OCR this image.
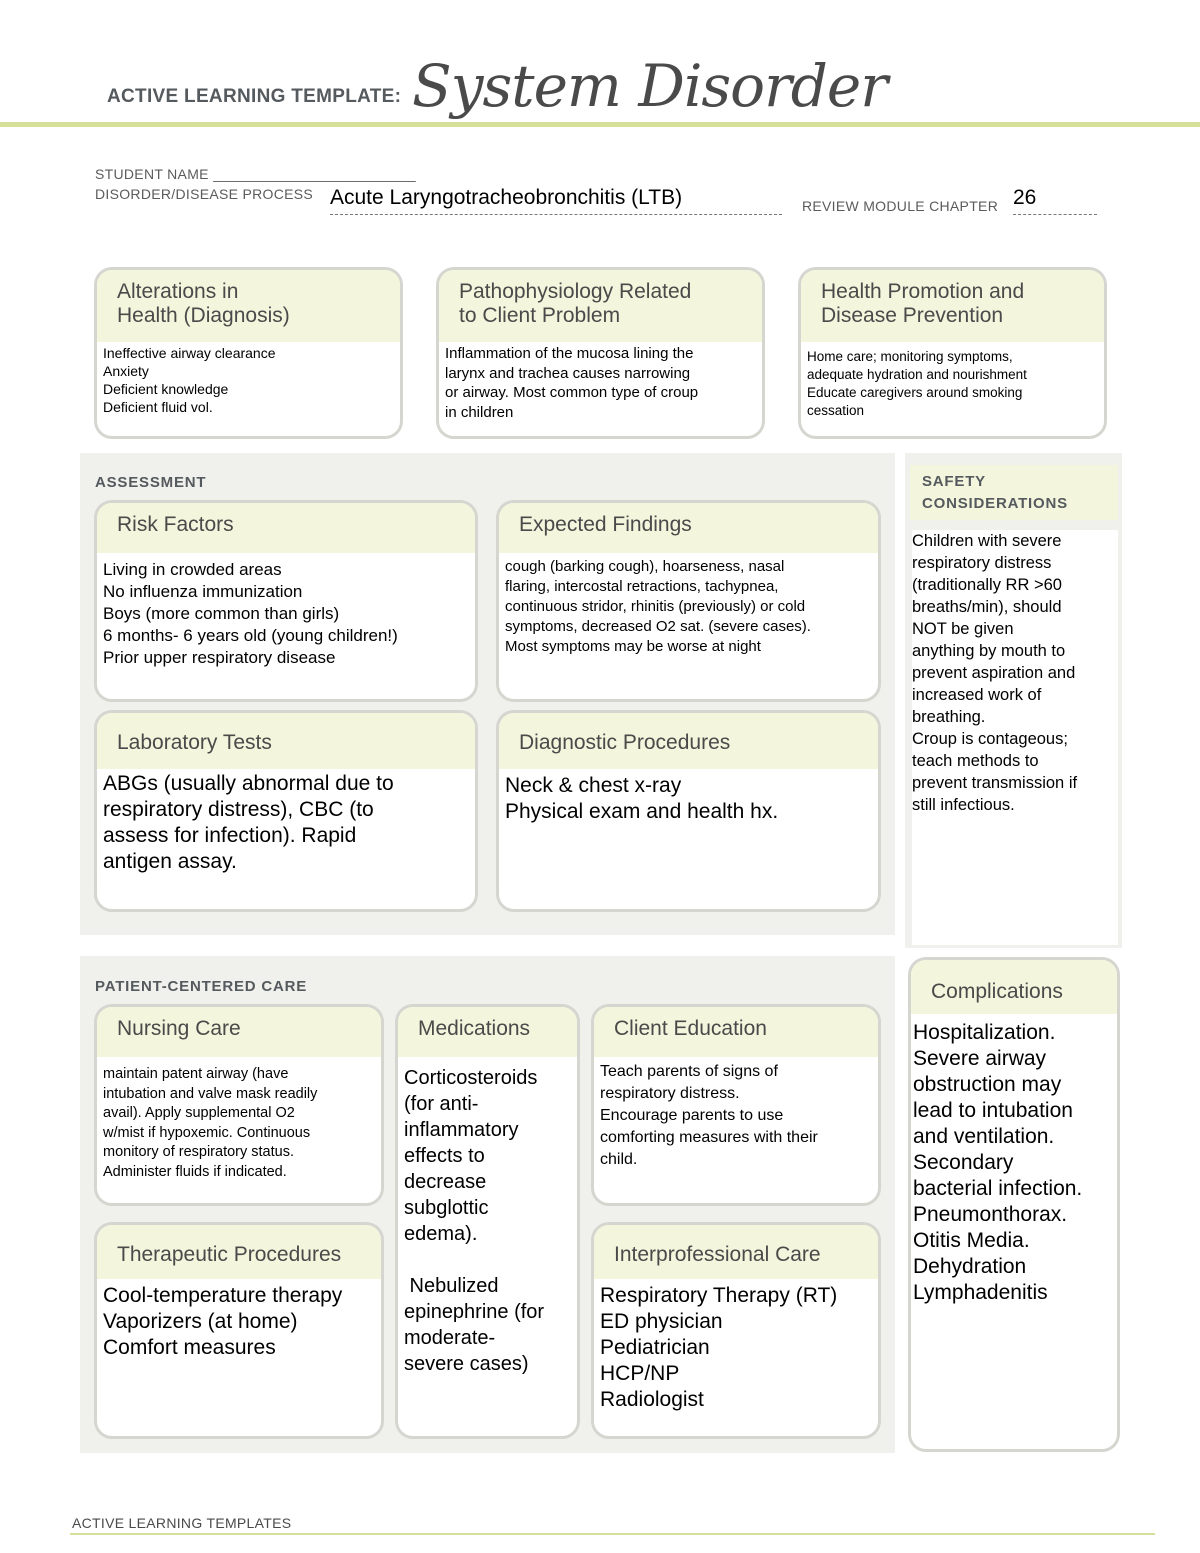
ACTIVE LEARNING TEMPLATE: System Disorder
STUDENT NAME __________________________
DISORDER/DISEASE PROCESS Acute Laryngotracheobronchitis (LTB)	REVIEW MODULE CHAPTER 26
Alterations in
Health (Diagnosis)
Ineffective airway clearance
Anxiety
Deficient knowledge
Deficient fluid vol.
Pathophysiology Related
to Client Problem
Inflammation of the mucosa lining the
larynx and trachea causes narrowing
or airway. Most common type of croup
in children
Health Promotion and
Disease Prevention
Home care; monitoring symptoms,
adequate hydration and nourishment
Educate caregivers around smoking
cessation
ASSESSMENT
Risk Factors
Living in crowded areas
No influenza immunization
Boys (more common than girls)
6 months- 6 years old (young children!)
Prior upper respiratory disease
Expected Findings
cough (barking cough), hoarseness, nasal
flaring, intercostal retractions, tachypnea,
continuous stridor, rhinitis (previously) or cold
symptoms, decreased O2 sat. (severe cases).
Most symptoms may be worse at night
Laboratory Tests
ABGs (usually abnormal due to
respiratory distress), CBC (to
assess for infection). Rapid
antigen assay.
Diagnostic Procedures
Neck & chest x-ray
Physical exam and health hx.
SAFETY
CONSIDERATIONS
Children with severe
respiratory distress
(traditionally RR >60
breaths/min), should
NOT be given
anything by mouth to
prevent aspiration and
increased work of
breathing.
Croup is contageous;
teach methods to
prevent transmission if
still infectious.
PATIENT-CENTERED CARE
Nursing Care
maintain patent airway (have
intubation and valve mask readily
avail). Apply supplemental O2
w/mist if hypoxemic. Continuous
monitory of respiratory status.
Administer fluids if indicated.
Medications
Corticosteroids
(for anti-
inflammatory
effects to
decrease
subglottic
edema).
Nebulized
epinephrine (for
moderate-
severe cases)
Client Education
Teach parents of signs of
respiratory distress.
Encourage parents to use
comforting measures with their
child.
Therapeutic Procedures
Cool-temperature therapy
Vaporizers (at home)
Comfort measures
Interprofessional Care
Respiratory Therapy (RT)
ED physician
Pediatrician
HCP/NP
Radiologist
Complications
Hospitalization.
Severe airway
obstruction may
lead to intubation
and ventilation.
Secondary
bacterial infection.
Pneumonthorax.
Otitis Media.
Dehydration
Lymphadenitis
ACTIVE LEARNING TEMPLATES
